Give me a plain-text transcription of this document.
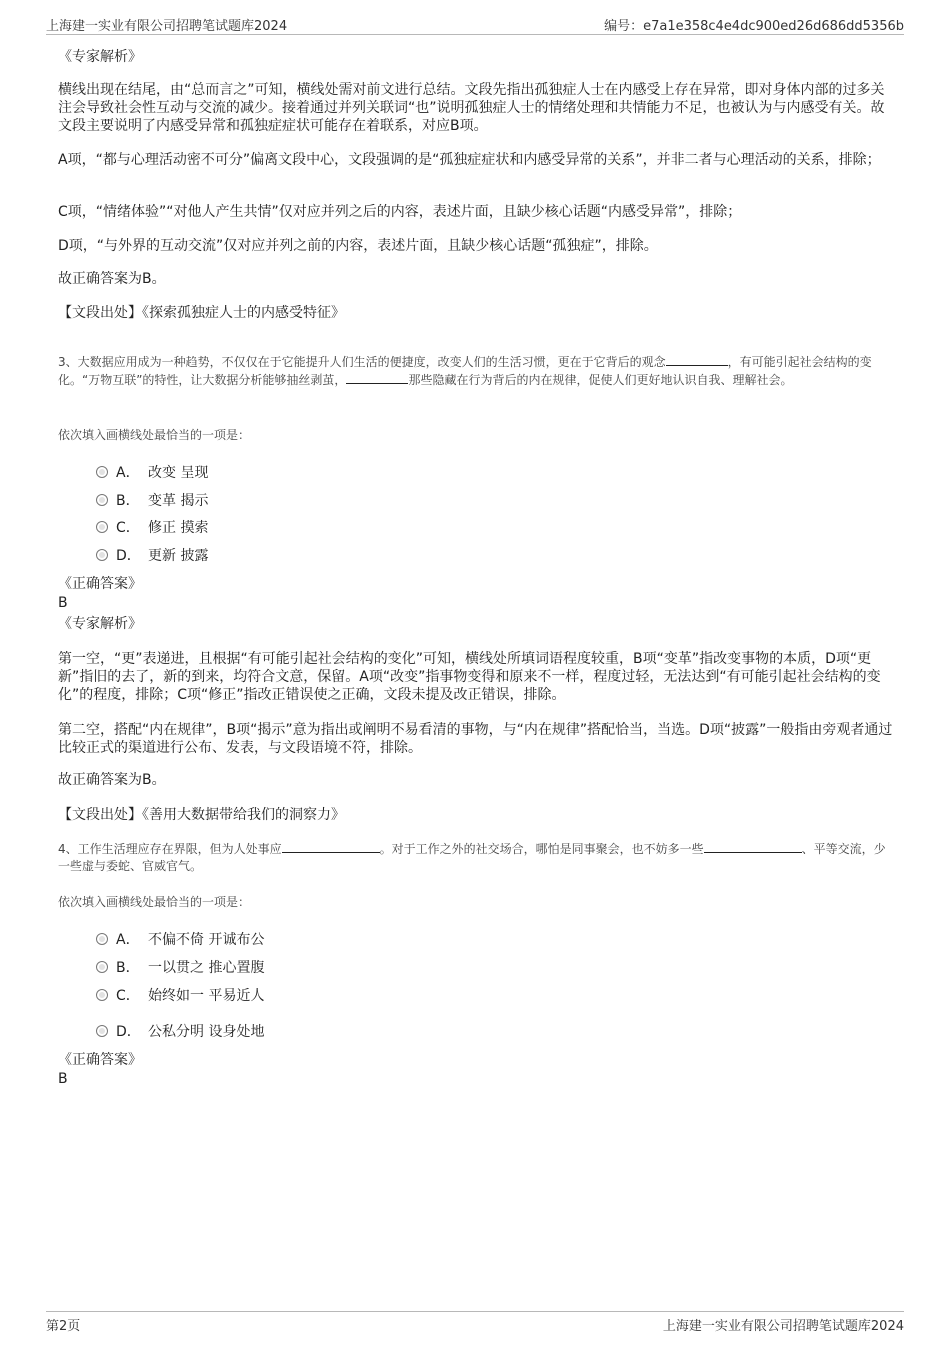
上海建一实业有限公司招聘笔试题库2024	编号：e7a1e358c4e4dc900ed26d686dd5356b

《专家解析》

横线出现在结尾，由“总而言之”可知，横线处需对前文进行总结。文段先指出孤独症人士在内感受上存在异常，即对身体内部的过多关注会导致社会性互动与交流的减少。接着通过并列关联词“也”说明孤独症人士的情绪处理和共情能力不足，也被认为与内感受有关。故文段主要说明了内感受异常和孤独症症状可能存在着联系，对应B项。

A项，“都与心理活动密不可分”偏离文段中心，文段强调的是“孤独症症状和内感受异常的关系”，并非二者与心理活动的关系，排除；

C项，“情绪体验”“对他人产生共情”仅对应并列之后的内容，表述片面，且缺少核心话题“内感受异常”，排除；

D项，“与外界的互动交流”仅对应并列之前的内容，表述片面，且缺少核心话题“孤独症”，排除。

故正确答案为B。

【文段出处】《探索孤独症人士的内感受特征》

3、大数据应用成为一种趋势，不仅仅在于它能提升人们生活的便捷度，改变人们的生活习惯，更在于它背后的观念	，有可能引起社会结构的变化。“万物互联”的特性，让大数据分析能够抽丝剥茧，	那些隐藏在行为背后的内在规律，促使人们更好地认识自我、理解社会。

依次填入画横线处最恰当的一项是：

A． 改变 呈现
B． 变革 揭示
C． 修正 摸索
D． 更新 披露

《正确答案》

B

《专家解析》

第一空，“更”表递进，且根据“有可能引起社会结构的变化”可知，横线处所填词语程度较重，B项“变革”指改变事物的本质，D项“更新”指旧的去了，新的到来，均符合文意，保留。A项“改变”指事物变得和原来不一样，程度过轻，无法达到“有可能引起社会结构的变化”的程度，排除；C项“修正”指改正错误使之正确，文段未提及改正错误，排除。

第二空，搭配“内在规律”，B项“揭示”意为指出或阐明不易看清的事物，与“内在规律”搭配恰当，当选。D项“披露”一般指由旁观者通过比较正式的渠道进行公布、发表，与文段语境不符，排除。

故正确答案为B。

【文段出处】《善用大数据带给我们的洞察力》

4、工作生活理应存在界限，但为人处事应	。对于工作之外的社交场合，哪怕是同事聚会，也不妨多一些	、平等交流，少一些虚与委蛇、官威官气。

依次填入画横线处最恰当的一项是：

A． 不偏不倚 开诚布公
B． 一以贯之 推心置腹
C． 始终如一 平易近人
D． 公私分明 设身处地

《正确答案》

B

第2页	上海建一实业有限公司招聘笔试题库2024
